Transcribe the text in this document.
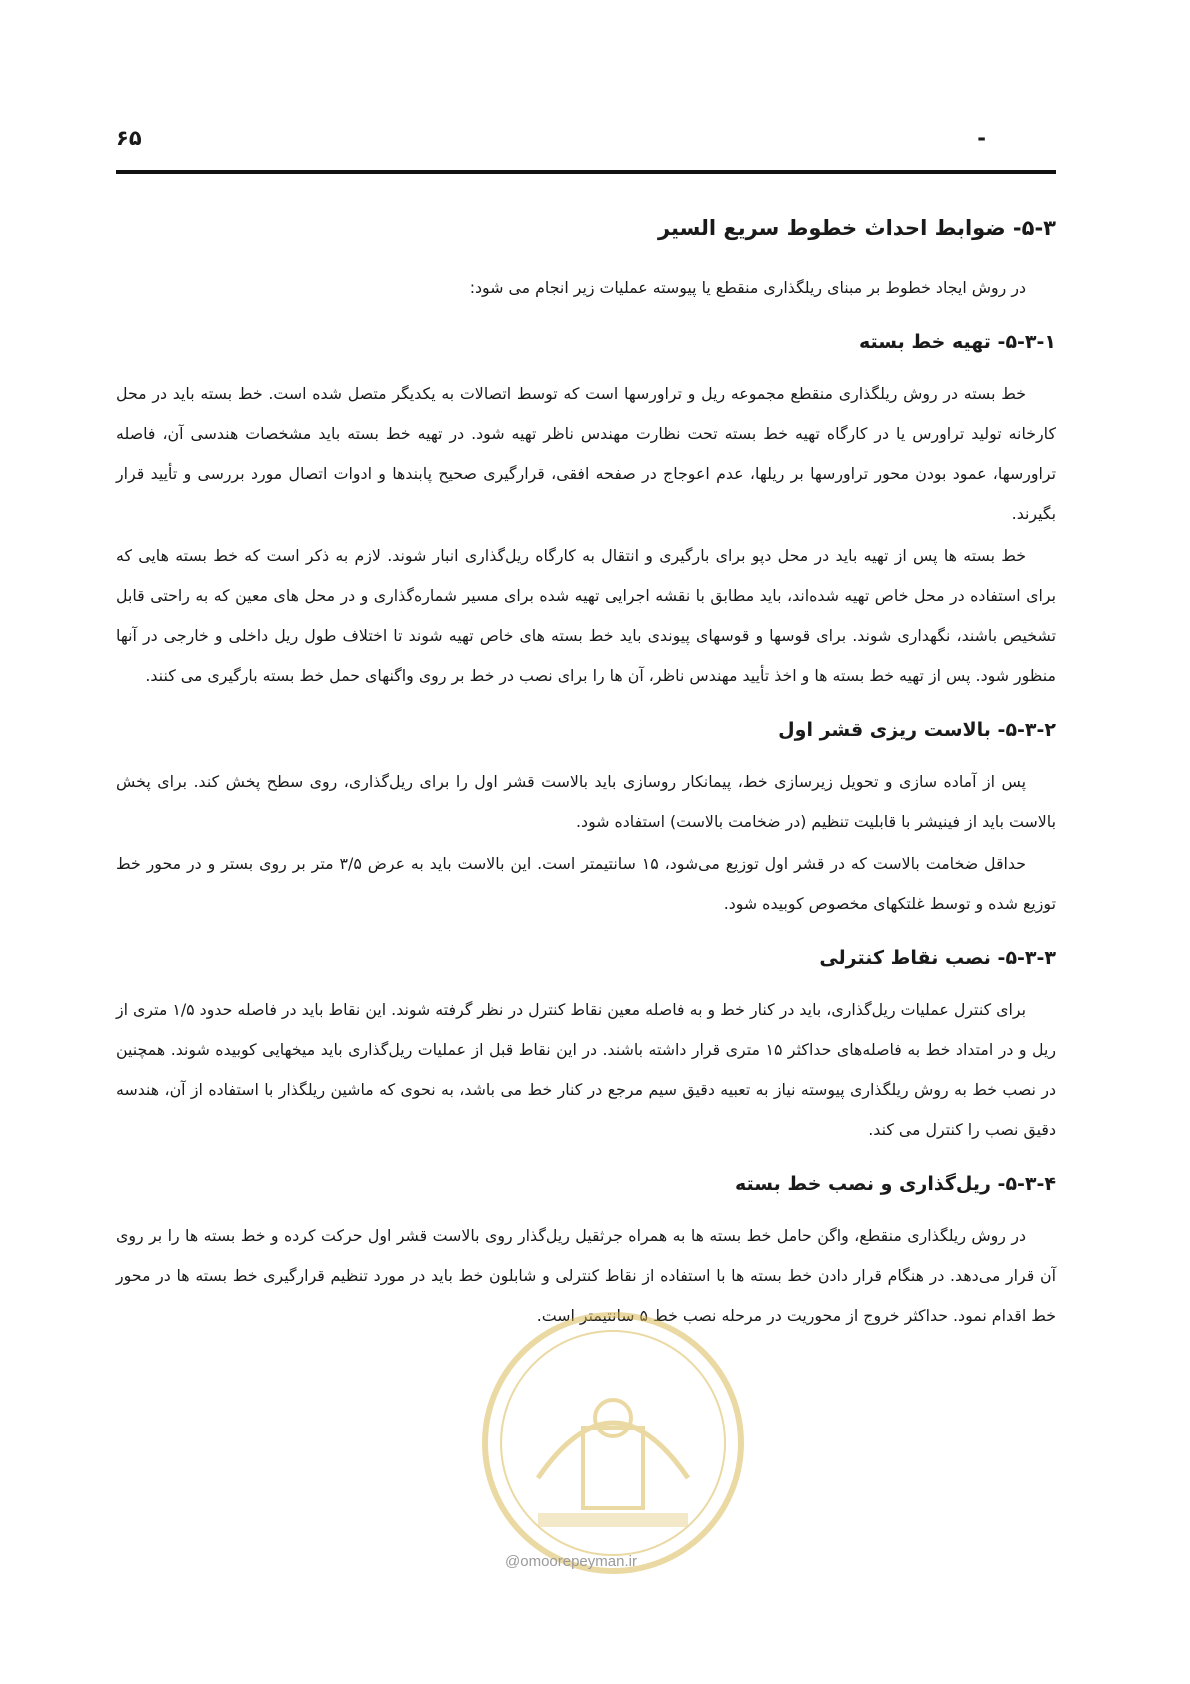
۶۵	-
۵-۳- ضوابط احداث خطوط سریع السیر

در روش ایجاد خطوط بر مبنای ریلگذاری منقطع یا پیوسته عملیات زیر انجام می شود:

۵-۳-۱- تهیه خط بسته

خط بسته در روش ریلگذاری منقطع مجموعه ریل و تراورسها است که توسط اتصالات به یکدیگر متصل شده است. خط بسته باید در محل کارخانه تولید تراورس یا در کارگاه تهیه خط بسته تحت نظارت مهندس ناظر تهیه شود. در تهیه خط بسته باید مشخصات هندسی آن، فاصله تراورسها، عمود بودن محور تراورسها بر ریلها، عدم اعوجاج در صفحه افقی، قرارگیری صحیح پابندها و ادوات اتصال مورد بررسی و تأیید قرار بگیرند.

خط بسته ها پس از تهیه باید در محل دپو برای بارگیری و انتقال به کارگاه ریل‌گذاری انبار شوند. لازم به ذکر است که خط بسته هایی که برای استفاده در محل خاص تهیه شده‌اند، باید مطابق با نقشه اجرایی تهیه شده برای مسیر شماره‌گذاری و در محل های معین که به راحتی قابل تشخیص باشند، نگهداری شوند. برای قوسها و قوسهای پیوندی باید خط بسته های خاص تهیه شوند تا اختلاف طول ریل داخلی و خارجی در آنها منظور شود. پس از تهیه خط بسته ها و اخذ تأیید مهندس ناظر، آن ها را برای نصب در خط بر روی واگنهای حمل خط بسته بارگیری می کنند.

۵-۳-۲- بالاست ریزی قشر اول

پس از آماده سازی و تحویل زیرسازی خط، پیمانکار روسازی باید بالاست قشر اول را برای ریل‌گذاری، روی سطح پخش کند. برای پخش بالاست باید از فینیشر با قابلیت تنظیم (در ضخامت بالاست) استفاده شود.

حداقل ضخامت بالاست که در قشر اول توزیع می‌شود، ۱۵ سانتیمتر است. این بالاست باید به عرض ۳/۵ متر بر روی بستر و در محور خط توزیع شده و توسط غلتکهای مخصوص کوبیده شود.

۵-۳-۳- نصب نقاط کنترلی

برای کنترل عملیات ریل‌گذاری، باید در کنار خط و به فاصله معین نقاط کنترل در نظر گرفته شوند. این نقاط باید در فاصله حدود ۱/۵ متری از ریل و در امتداد خط به فاصله‌های حداکثر ۱۵ متری قرار داشته باشند. در این نقاط قبل از عملیات ریل‌گذاری باید میخهایی کوبیده شوند. همچنین در نصب خط به روش ریلگذاری پیوسته نیاز به تعبیه دقیق سیم مرجع در کنار خط می باشد، به نحوی که ماشین ریلگذار با استفاده از آن، هندسه دقیق نصب را کنترل می کند.

۵-۳-۴- ریل‌گذاری و نصب خط بسته

در روش ریلگذاری منقطع، واگن حامل خط بسته ها به همراه جرثقیل ریل‌گذار روی بالاست قشر اول حرکت کرده و خط بسته ها را بر روی آن قرار می‌دهد. در هنگام قرار دادن خط بسته ها با استفاده از نقاط کنترلی و شابلون خط باید در مورد تنظیم قرارگیری خط بسته ها در محور خط اقدام نمود. حداکثر خروج از محوریت در مرحله نصب خط ۵ سانتیمتر است.

@omoorepeyman.ir
